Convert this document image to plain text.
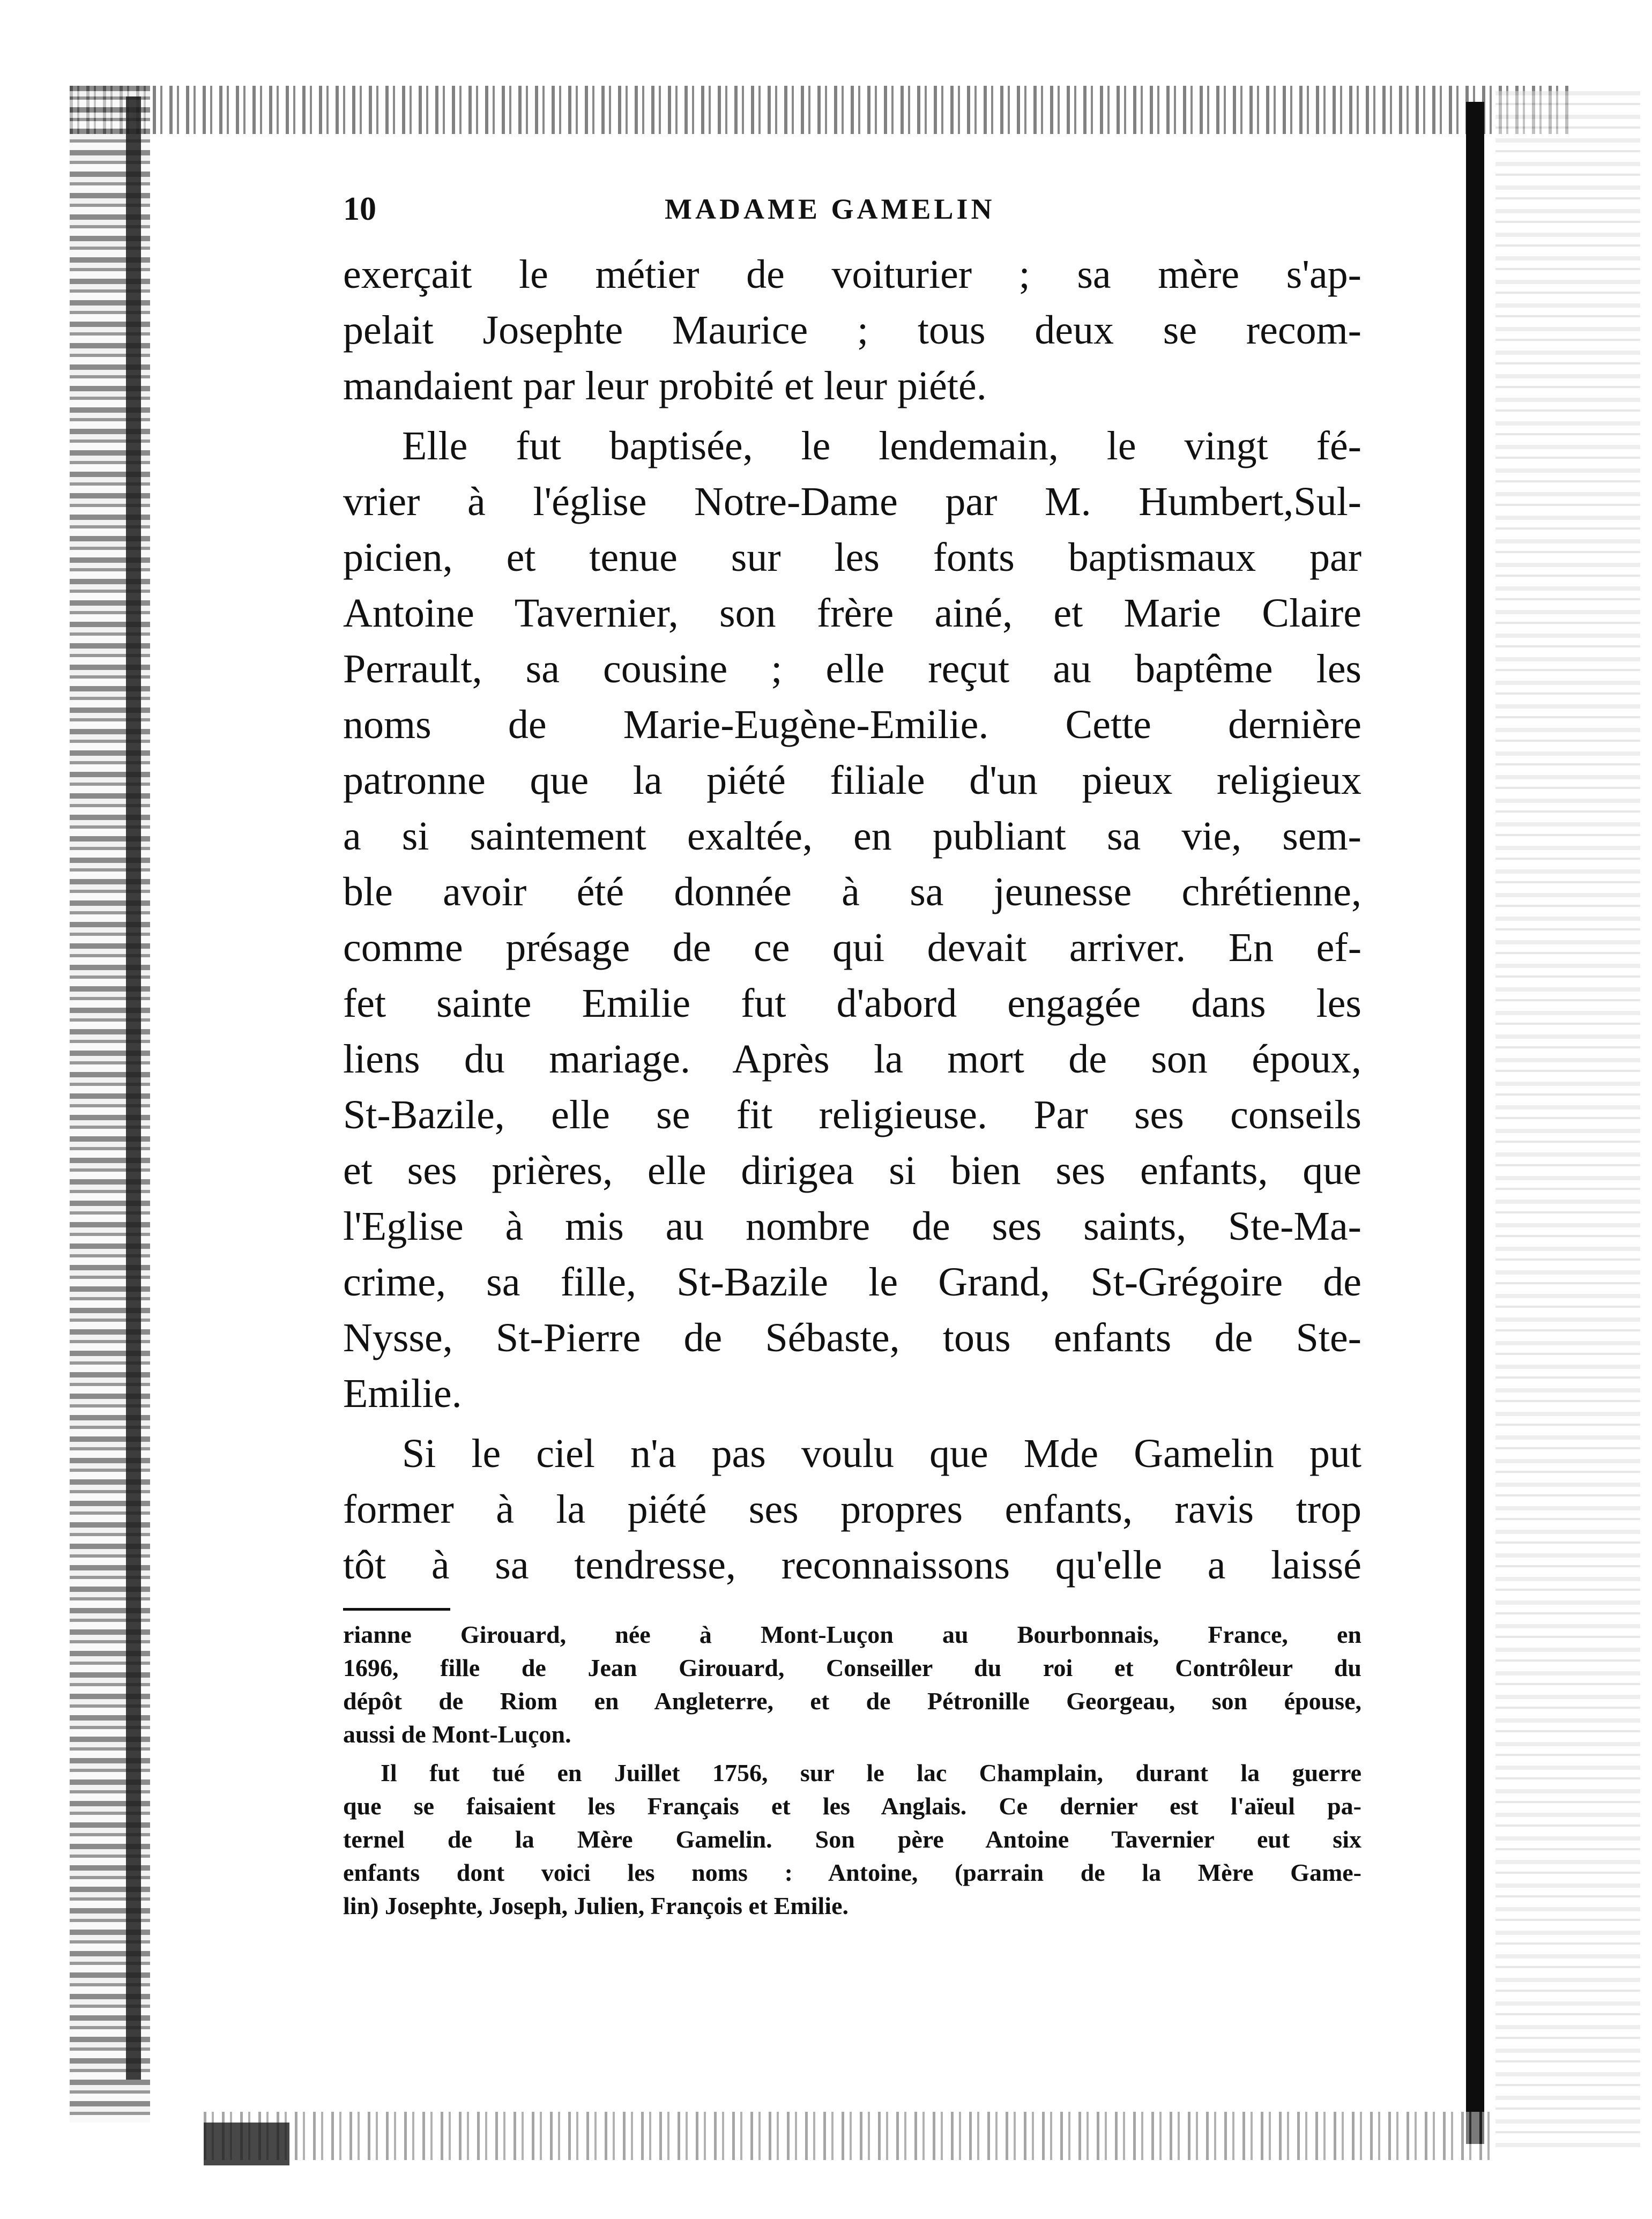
10	MADAME GAMELIN
exerçait le métier de voiturier ; sa mère s'ap-
pelait Josephte Maurice ; tous deux se recom-
mandaient par leur probité et leur piété.
Elle fut baptisée, le lendemain, le vingt fé-
vrier à l'église Notre-Dame par M. Humbert,Sul-
picien, et tenue sur les fonts baptismaux par
Antoine Tavernier, son frère ainé, et Marie Claire
Perrault, sa cousine ; elle reçut au baptême les
noms de Marie-Eugène-Emilie. Cette dernière
patronne que la piété filiale d'un pieux religieux
a si saintement exaltée, en publiant sa vie, sem-
ble avoir été donnée à sa jeunesse chrétienne,
comme présage de ce qui devait arriver. En ef-
fet sainte Emilie fut d'abord engagée dans les
liens du mariage. Après la mort de son époux,
St-Bazile, elle se fit religieuse. Par ses conseils
et ses prières, elle dirigea si bien ses enfants, que
l'Eglise à mis au nombre de ses saints, Ste-Ma-
crime, sa fille, St-Bazile le Grand, St-Grégoire de
Nysse, St-Pierre de Sébaste, tous enfants de Ste-
Emilie.
Si le ciel n'a pas voulu que Mde Gamelin put
former à la piété ses propres enfants, ravis trop
tôt à sa tendresse, reconnaissons qu'elle a laissé
rianne Girouard, née à Mont-Luçon au Bourbonnais, France, en
1696, fille de Jean Girouard, Conseiller du roi et Contrôleur du
dépôt de Riom en Angleterre, et de Pétronille Georgeau, son épouse,
aussi de Mont-Luçon.
Il fut tué en Juillet 1756, sur le lac Champlain, durant la guerre
que se faisaient les Français et les Anglais. Ce dernier est l'aïeul pa-
ternel de la Mère Gamelin. Son père Antoine Tavernier eut six
enfants dont voici les noms : Antoine, (parrain de la Mère Game-
lin) Josephte, Joseph, Julien, François et Emilie.
